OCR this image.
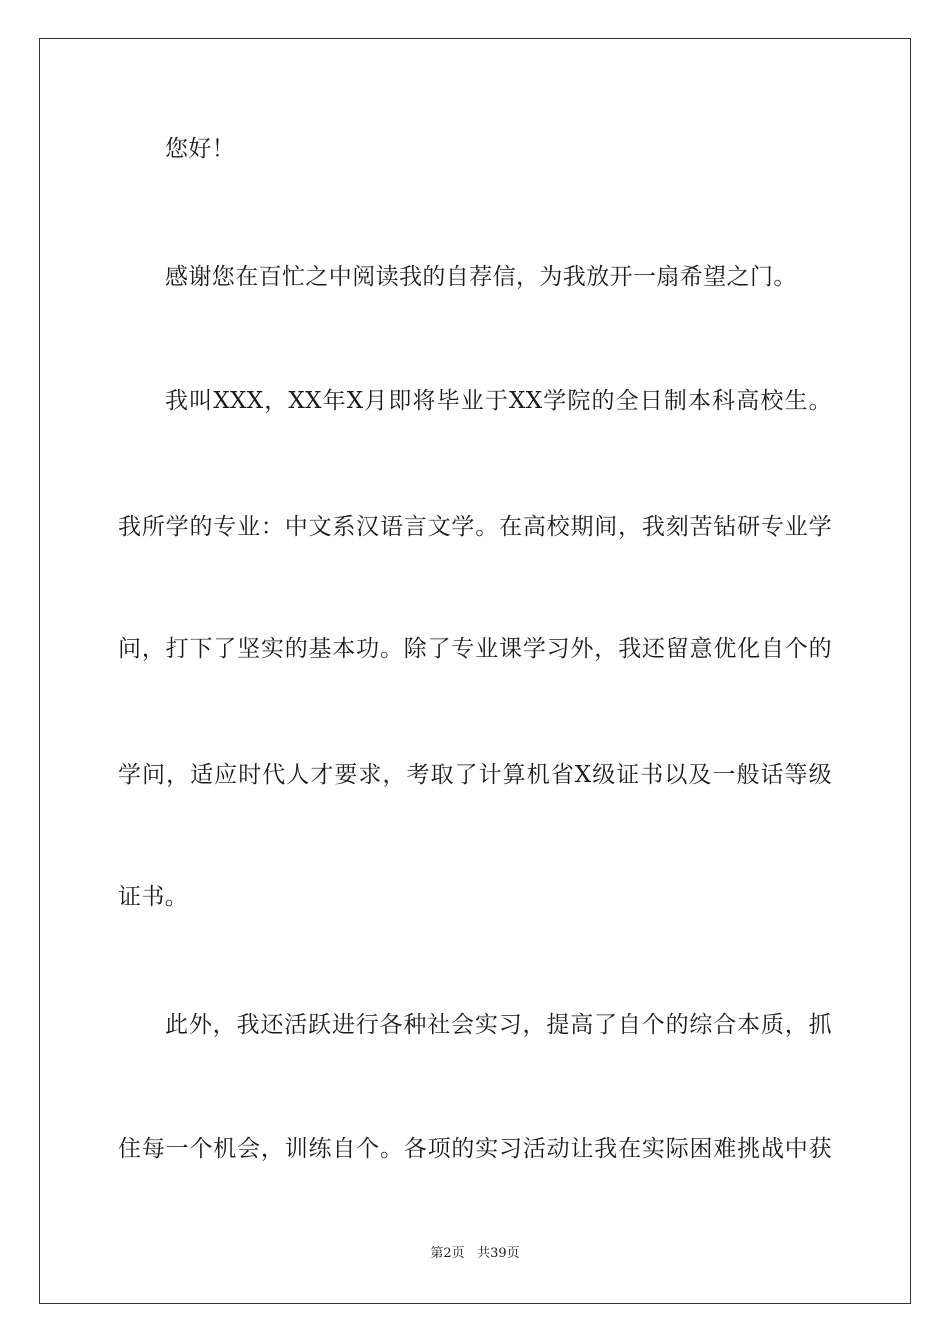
您好！
感谢您在百忙之中阅读我的自荐信，为我放开一扇希望之门。
我叫XXX，XX年X月即将毕业于XX学院的全日制本科高校生。
我所学的专业：中文系汉语言文学。在高校期间，我刻苦钻研专业学
问，打下了坚实的基本功。除了专业课学习外，我还留意优化自个的
学问，适应时代人才要求，考取了计算机省X级证书以及一般话等级
证书。
此外，我还活跃进行各种社会实习，提高了自个的综合本质，抓
住每一个机会，训练自个。各项的实习活动让我在实际困难挑战中获
第2页 共39页
